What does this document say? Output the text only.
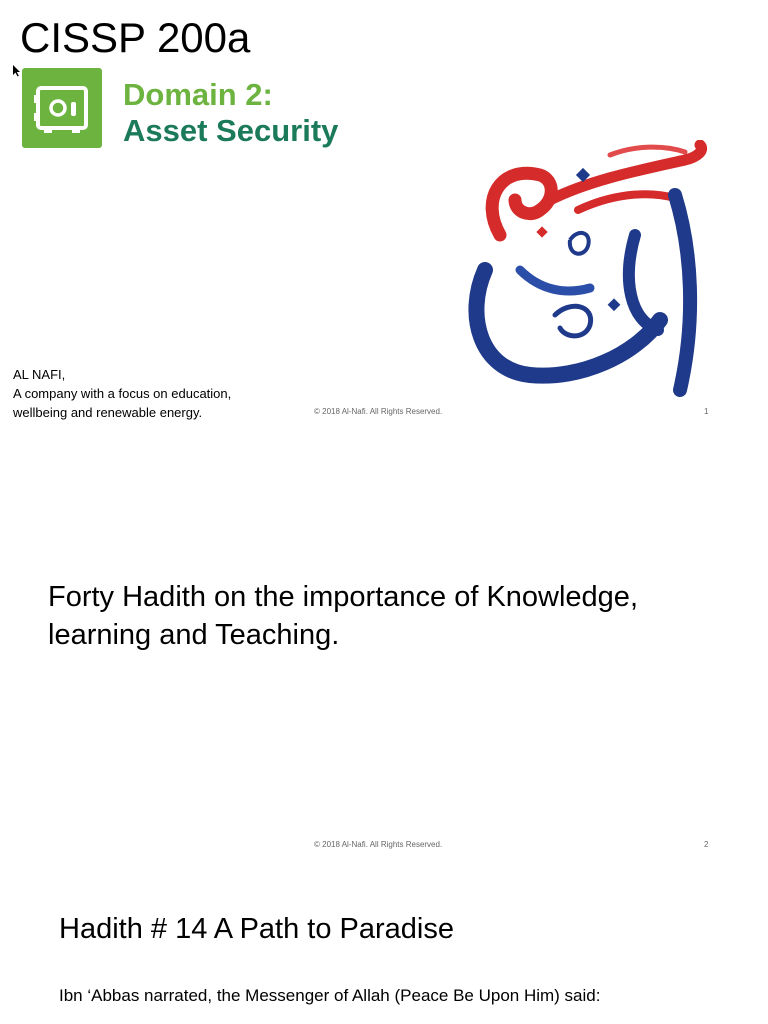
CISSP 200a

Domain 2:

Asset Security

AL NAFI,
A company with a focus on education,
wellbeing and renewable energy.	© 2018 Al-Nafi. All Rights Reserved.	1
Forty Hadith on the importance of Knowledge,
learning and Teaching.
© 2018 Al-Nafi. All Rights Reserved.	2
Hadith # 14 A Path to Paradise

Ibn ‘Abbas narrated, the Messenger of Allah (Peace Be Upon Him) said:
